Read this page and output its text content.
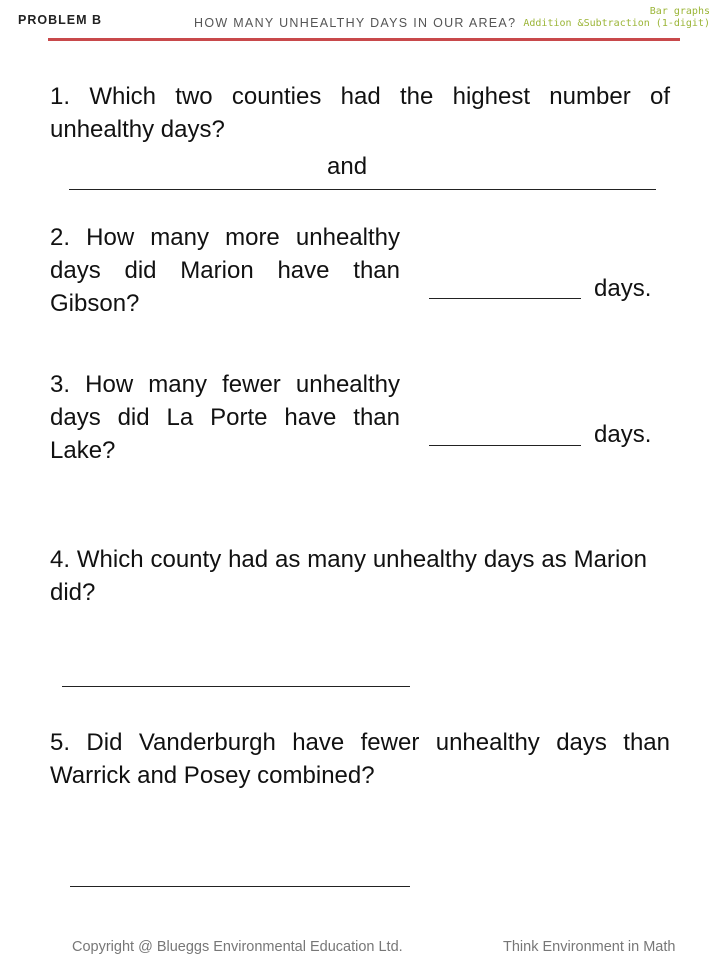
PROBLEM B	HOW MANY UNHEALTHY DAYS IN OUR AREA?
Bar graphs
Addition &Subtraction (1-digit)
1. Which two counties had the highest number of unhealthy days?
and
2. How many more unhealthy days did Marion have than Gibson?
days.
3. How many fewer unhealthy days did La Porte have than Lake?
days.
4. Which county had as many unhealthy days as Marion did?
5. Did Vanderburgh have fewer unhealthy days than Warrick and Posey combined?
Copyright @ Blueggs Environmental Education Ltd.	Think Environment in Math
